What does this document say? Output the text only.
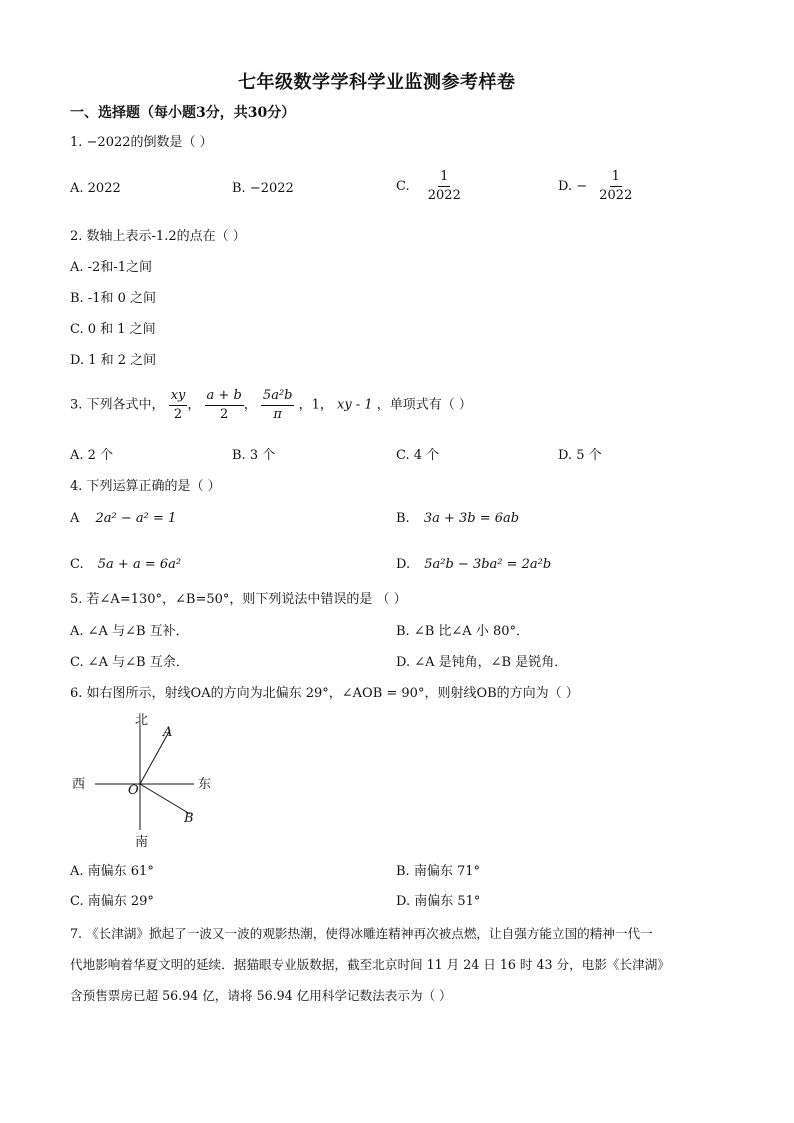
七年级数学学科学业监测参考样卷
一、选择题（每小题3分，共30分）
1. −2022的倒数是（ ）
A. 2022	B. −2022	C. $\frac{1}{2022}$	D. − $\frac{1}{2022}$
2. 数轴上表示-1.2的点在（ ）
A. -2和-1之间
B. -1和 0 之间
C. 0 和 1 之间
D. 1 和 2 之间
3. 下列各式中， $\frac{xy}{2}$ ， $\frac{a + b}{2}$ ， $\frac{\text{5a²b}}{\pi}$ ，1， xy - 1 ，单项式有（ ）
A. 2 个	B. 3 个	C. 4 个	D. 5 个
4. 下列运算正确的是（ ）
A 2a² − a² = 1	B. 3a + 3b = 6ab
C. 5a + a = 6a²	D. 5a²b − 3ba² = 2a²b
5. 若∠A=130°，∠B=50°，则下列说法中错误的是 （ ）
A. ∠A 与∠B 互补．	B. ∠B 比∠A 小 80°．
C. ∠A 与∠B 互余．	D. ∠A 是钝角，∠B 是锐角．
6. 如右图所示，射线OA的方向为北偏东 29°，∠AOB = 90°，则射线OB的方向为（ ）
北
南
东
西	O
A
B
A. 南偏东 61°	B. 南偏东 71°
C. 南偏东 29°	D. 南偏东 51°
7. 《长津湖》掀起了一波又一波的观影热潮，使得冰雕连精神再次被点燃，让自强方能立国的精神一代一
代地影响着华夏文明的延续．据猫眼专业版数据，截至北京时间 11 月 24 日 16 时 43 分，电影《长津湖》
含预售票房已超 56.94 亿，请将 56.94 亿用科学记数法表示为（ ）
